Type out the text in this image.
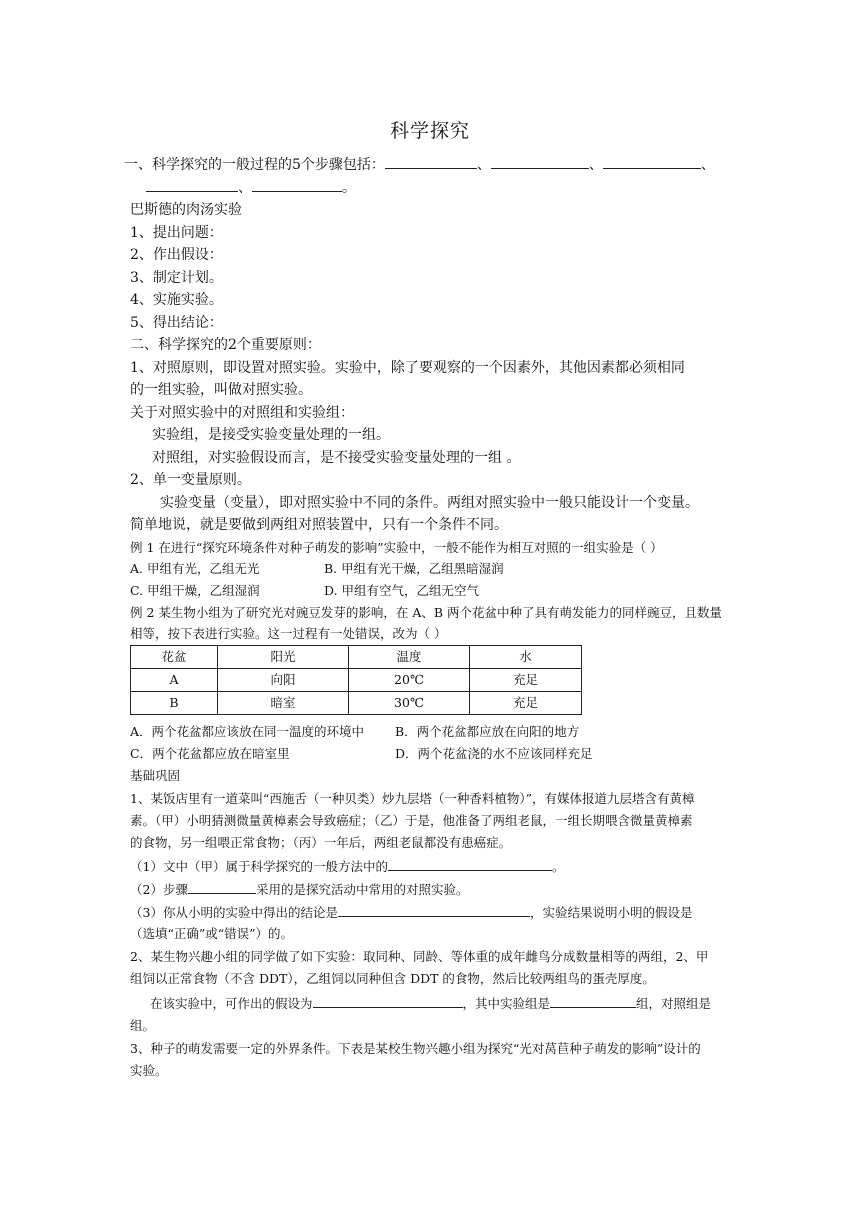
科学探究
一、科学探究的一般过程的5个步骤包括：	、	、	、
、	。
巴斯德的肉汤实验
1、提出问题：
2、作出假设：
3、制定计划。
4、实施实验。
5、得出结论：
二、科学探究的2个重要原则：
1、对照原则，即设置对照实验。实验中，除了要观察的一个因素外，其他因素都必须相同
的一组实验，叫做对照实验。
关于对照实验中的对照组和实验组：
实验组，是接受实验变量处理的一组。
对照组，对实验假设而言，是不接受实验变量处理的一组 。
2、单一变量原则。
实验变量（变量），即对照实验中不同的条件。两组对照实验中一般只能设计一个变量。
简单地说，就是要做到两组对照装置中，只有一个条件不同。
例 1 在进行“探究环境条件对种子萌发的影响”实验中，一般不能作为相互对照的一组实验是（ ）
A. 甲组有光，乙组无光	B. 甲组有光干燥，乙组黑暗湿润
C. 甲组干燥，乙组湿润	D. 甲组有空气，乙组无空气
例 2 某生物小组为了研究光对豌豆发芽的影响，在 A、B 两个花盆中种了具有萌发能力的同样豌豆，且数量
相等，按下表进行实验。这一过程有一处错误，改为（ ）
花盆	阳光	温度	水
A	向阳	20℃	充足
B	暗室	30℃	充足
A．两个花盆都应该放在同一温度的环境中 B．两个花盆都应放在向阳的地方
C．两个花盆都应放在暗室里	D．两个花盆浇的水不应该同样充足
基础巩固
1、某饭店里有一道菜叫“西施舌（一种贝类）炒九层塔（一种香料植物）”，有媒体报道九层塔含有黄樟
素。（甲）小明猜测微量黄樟素会导致癌症；（乙）于是，他准备了两组老鼠，一组长期喂含微量黄樟素
的食物，另一组喂正常食物；（丙）一年后，两组老鼠都没有患癌症。
（1）文中（甲）属于科学探究的一般方法中的	。
（2）步骤	采用的是探究活动中常用的对照实验。
（3）你从小明的实验中得出的结论是	，实验结果说明小明的假设是
（选填“正确”或“错误”）的。
2、某生物兴趣小组的同学做了如下实验：取同种、同龄、等体重的成年雌鸟分成数量相等的两组，2、甲
组饲以正常食物（不含 DDT），乙组饲以同种但含 DDT 的食物，然后比较两组鸟的蛋壳厚度。
在该实验中，可作出的假设为	，其中实验组是	组，对照组是
组。
3、种子的萌发需要一定的外界条件。下表是某校生物兴趣小组为探究“光对莴苣种子萌发的影响”设计的
实验。
